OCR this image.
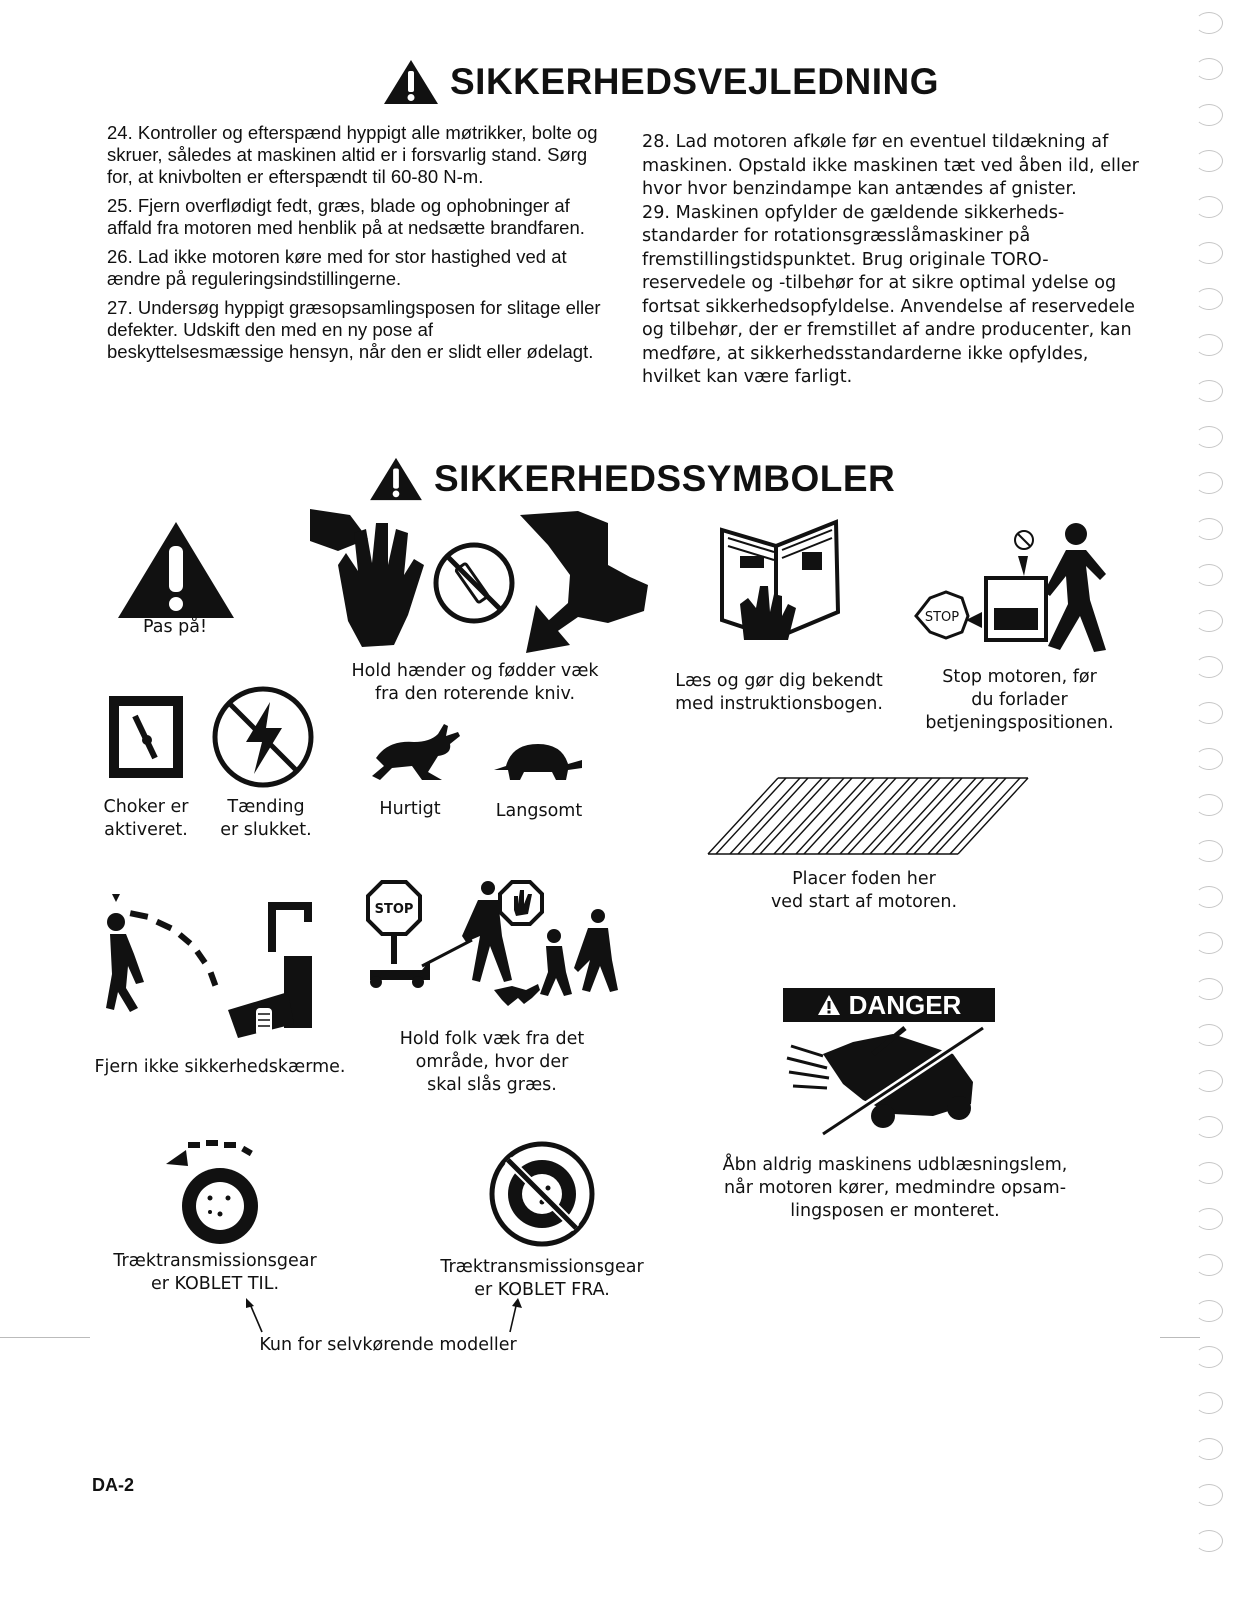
SIKKERHEDSVEJLEDNING

24. Kontroller og efterspænd hyppigt alle møtrikker, bolte og skruer, således at maskinen altid er i forsvarlig stand. Sørg for, at knivbolten er efterspændt til 60-80 N-m.

25. Fjern overflødigt fedt, græs, blade og ophobninger af affald fra motoren med henblik på at nedsætte brandfaren.

26. Lad ikke motoren køre med for stor hastighed ved at ændre på reguleringsindstillingerne.

27. Undersøg hyppigt græsopsamlingsposen for slitage eller defekter. Udskift den med en ny pose af beskyttelsesmæssige hensyn, når den er slidt eller ødelagt.

28. Lad motoren afkøle før en eventuel tildækning af maskinen. Opstald ikke maskinen tæt ved åben ild, eller hvor hvor benzindampe kan antændes af gnister.

29. Maskinen opfylder de gældende sikkerheds-standarder for rotationsgræsslåmaskiner på fremstillingstidspunktet. Brug originale TORO-reservedele og -tilbehør for at sikre optimal ydelse og fortsat sikkerhedsopfyldelse. Anvendelse af reservedele og tilbehør, der er fremstillet af andre producenter, kan medføre, at sikkerhedsstandarderne ikke opfyldes, hvilket kan være farligt.

SIKKERHEDSSYMBOLER
Pas på!
Hold hænder og fødder væk
fra den roterende kniv.
Læs og gør dig bekendt
med instruktionsbogen.
STOP
Stop motoren, før
du forlader
betjeningspositionen.
Choker er
aktiveret.
Tænding
er slukket.
Hurtigt	Langsomt
Placer foden her
ved start af motoren.
Fjern ikke sikkerhedskærme.
STOP
Hold folk væk fra det
område, hvor der
skal slås græs.
DANGER
Åbn aldrig maskinens udblæsningslem,
når motoren kører, medmindre opsam-
lingsposen er monteret.
Træktransmissionsgear
er KOBLET TIL.
Træktransmissionsgear
er KOBLET FRA.
Kun for selvkørende modeller
DA-2
